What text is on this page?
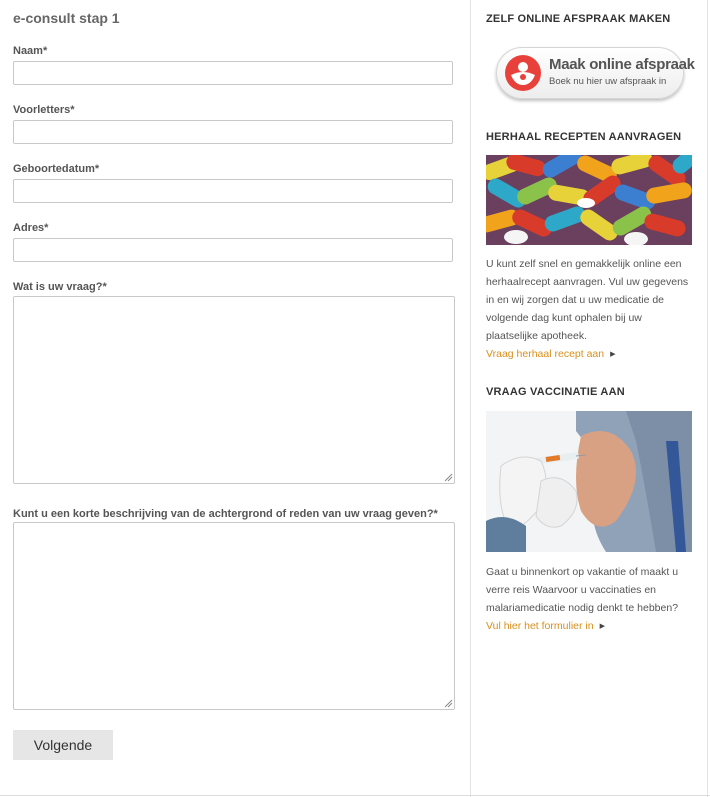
e-consult stap 1
Naam*
Voorletters*
Geboortedatum*
Adres*
Wat is uw vraag?*
Kunt u een korte beschrijving van de achtergrond of reden van uw vraag geven?*
Volgende
ZELF ONLINE AFSPRAAK MAKEN
Maak online afspraak
Boek nu hier uw afspraak in
HERHAAL RECEPTEN AANVRAGEN

U kunt zelf snel en gemakkelijk online een herhaalrecept aanvragen. Vul uw gegevens in en wij zorgen dat u uw medicatie de volgende dag kunt ophalen bij uw plaatselijke apotheek.

Vraag herhaal recept aan ▶
VRAAG VACCINATIE AAN

Gaat u binnenkort op vakantie of maakt u verre reis Waarvoor u vaccinaties en malariamedicatie nodig denkt te hebben?

Vul hier het formulier in ▶
